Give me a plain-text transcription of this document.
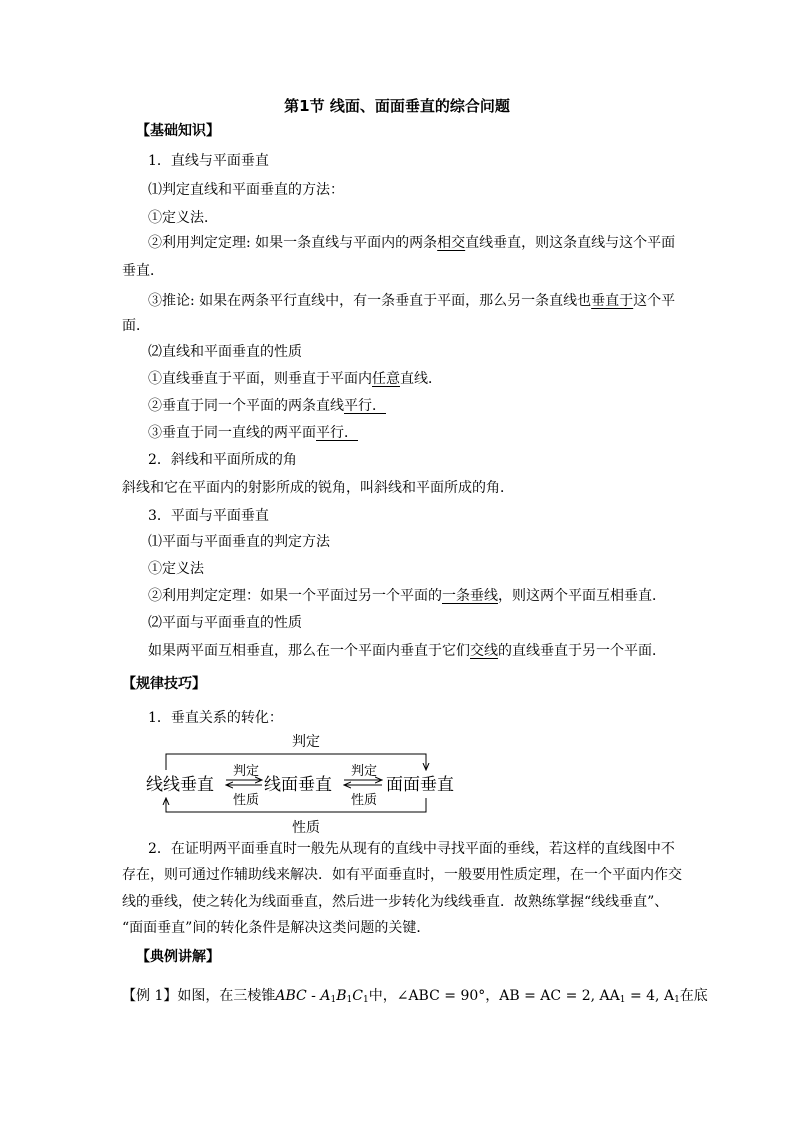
第1节 线面、面面垂直的综合问题
【基础知识】
1．直线与平面垂直
⑴判定直线和平面垂直的方法：
①定义法．
②利用判定定理: 如果一条直线与平面内的两条相交直线垂直，则这条直线与这个平面
垂直．
③推论: 如果在两条平行直线中，有一条垂直于平面，那么另一条直线也垂直于这个平
面．
⑵直线和平面垂直的性质
①直线垂直于平面，则垂直于平面内任意直线．
②垂直于同一个平面的两条直线平行．
③垂直于同一直线的两平面平行．
2．斜线和平面所成的角
斜线和它在平面内的射影所成的锐角，叫斜线和平面所成的角．
3．平面与平面垂直
⑴平面与平面垂直的判定方法
①定义法
②利用判定定理：如果一个平面过另一个平面的一条垂线，则这两个平面互相垂直．
⑵平面与平面垂直的性质
如果两平面互相垂直，那么在一个平面内垂直于它们交线的直线垂直于另一个平面．
【规律技巧】
1．垂直关系的转化：
判定
线线垂直	线面垂直	面面垂直
判定
性质
判定
性质
性质
2．在证明两平面垂直时一般先从现有的直线中寻找平面的垂线，若这样的直线图中不
存在，则可通过作辅助线来解决．如有平面垂直时，一般要用性质定理，在一个平面内作交
线的垂线，使之转化为线面垂直，然后进一步转化为线线垂直．故熟练掌握“线线垂直”、
“面面垂直”间的转化条件是解决这类问题的关键．
【典例讲解】
【例 1】如图，在三棱锥ABC - $A_1B_1C_1$中，∠ABC = 90°，AB = AC = 2, $AA_1 = 4$, $A_1$在底
